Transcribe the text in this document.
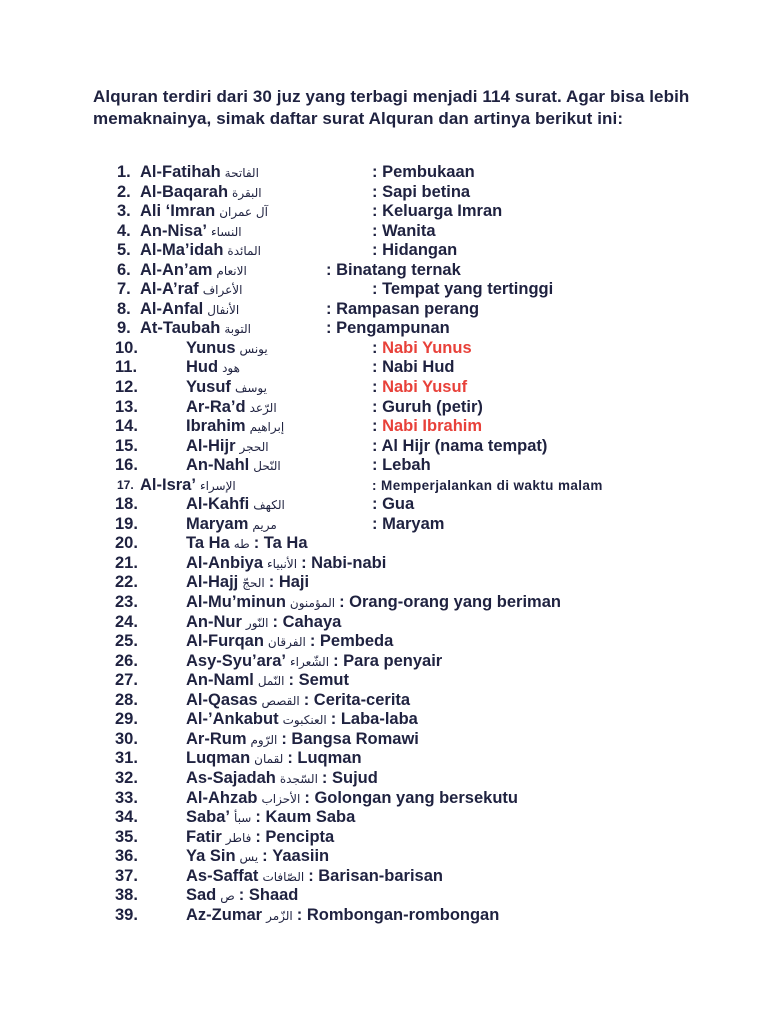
Alquran terdiri dari 30 juz yang terbagi menjadi 114 surat. Agar bisa lebih memaknainya, simak daftar surat Alquran dan artinya berikut ini:
1. Al-Fatihah الفاتحة	: Pembukaan
2. Al-Baqarah البقرة	: Sapi betina
3. Ali ‘Imran آل عمران	: Keluarga Imran
4. An-Nisa’ النساء	: Wanita
5. Al-Ma’idah المائدة	: Hidangan
6. Al-An’am الانعام	: Binatang ternak
7. Al-A’raf الأعراف	: Tempat yang tertinggi
8. Al-Anfal الأنفال	: Rampasan perang
9. At-Taubah التوبة	: Pengampunan
10.	Yunus يونس	: Nabi Yunus
11.	Hud هود	: Nabi Hud
12.	Yusuf يوسف	: Nabi Yusuf
13.	Ar-Ra’d الرّعد	: Guruh (petir)
14.	Ibrahim إبراهيم	: Nabi Ibrahim
15.	Al-Hijr الحجر	: Al Hijr (nama tempat)
16.	An-Nahl النّحل	: Lebah
17. Al-Isra’ الإسراء	: Memperjalankan di waktu malam
18.	Al-Kahfi الكهف	: Gua
19.	Maryam مريم	: Maryam
20.	Ta Ha طه : Ta Ha
21.	Al-Anbiya الأنبياء : Nabi-nabi
22.	Al-Hajj الحجّ : Haji
23.	Al-Mu’minun المؤمنون : Orang-orang yang beriman
24.	An-Nur النّور : Cahaya
25.	Al-Furqan الفرقان : Pembeda
26.	Asy-Syu’ara’ الشّعراء : Para penyair
27.	An-Naml النّمل : Semut
28.	Al-Qasas القصص : Cerita-cerita
29.	Al-’Ankabut العنكبوت : Laba-laba
30.	Ar-Rum الرّوم : Bangsa Romawi
31.	Luqman لقمان : Luqman
32.	As-Sajadah السّجدة : Sujud
33.	Al-Ahzab الأحزاب : Golongan yang bersekutu
34.	Saba’ سبأ : Kaum Saba
35.	Fatir فاطر : Pencipta
36.	Ya Sin يس : Yaasiin
37.	As-Saffat الصّافات : Barisan-barisan
38.	Sad ص : Shaad
39.	Az-Zumar الزّمر : Rombongan-rombongan
